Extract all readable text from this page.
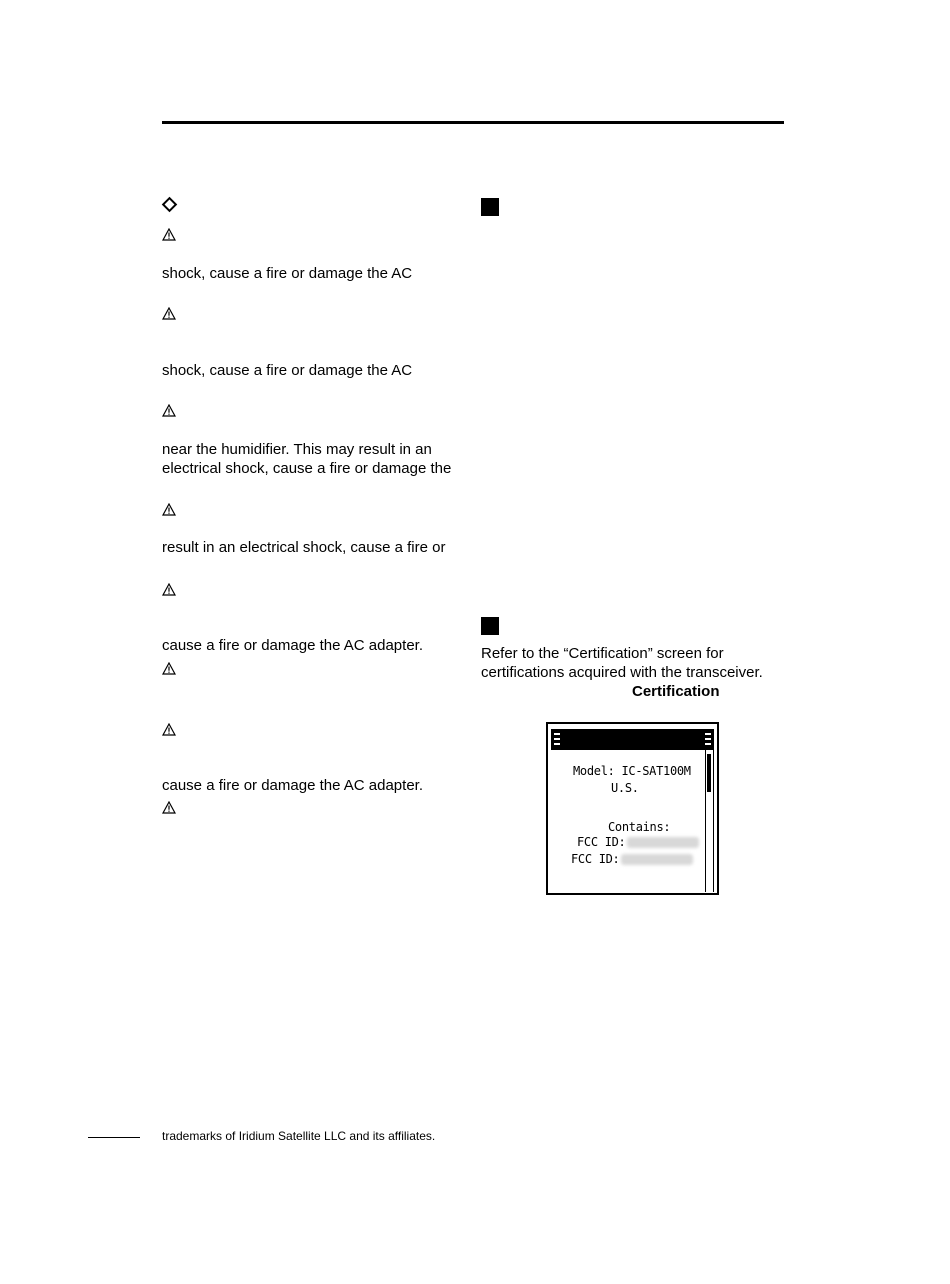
shock, cause a fire or damage the AC
shock, cause a fire or damage the AC
near the humidifier. This may result in an
electrical shock, cause a fire or damage the
result in an electrical shock, cause a fire or
cause a fire or damage the AC adapter.
cause a fire or damage the AC adapter.
Refer to the “Certification” screen for
certifications acquired with the transceiver.
Certification
Model: IC-SAT100M
U.S.
Contains:
FCC ID:
FCC ID:
trademarks of Iridium Satellite LLC and its affiliates.
